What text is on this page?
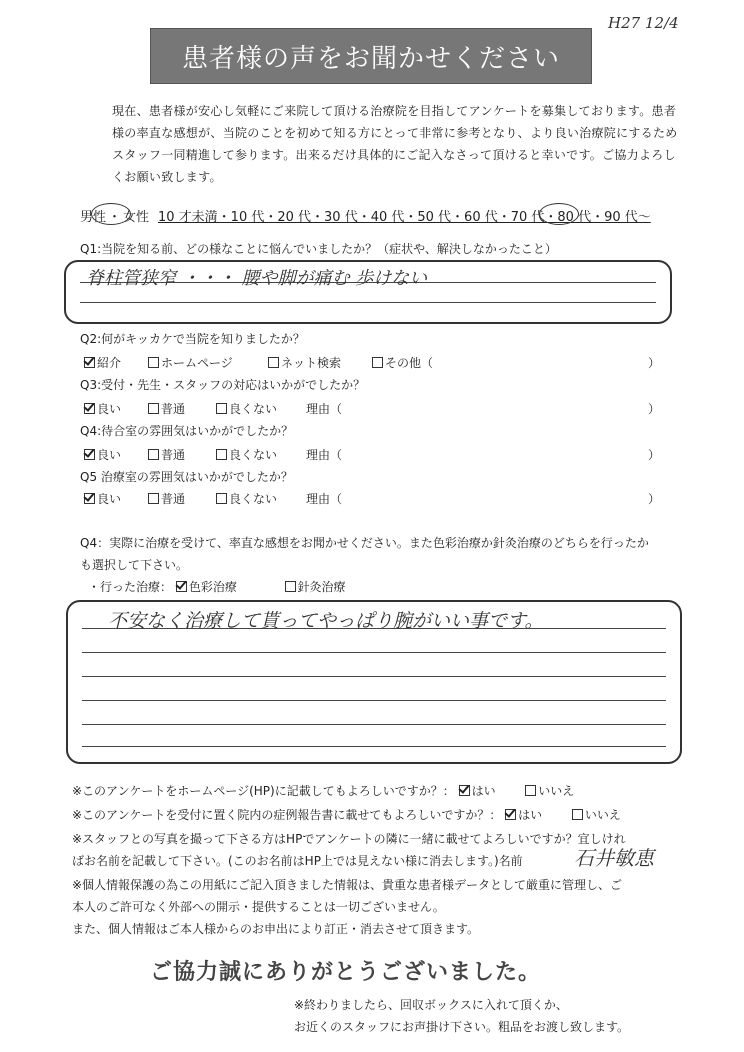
患者様の声をお聞かせください
H27 12/4
現在、患者様が安心し気軽にご来院して頂ける治療院を目指してアンケートを募集しております。患者
様の率直な感想が、当院のことを初めて知る方にとって非常に参考となり、より良い治療院にするため
スタッフ一同精進して参ります。出来るだけ具体的にご記入なさって頂けると幸いです。ご協力よろし
くお願い致します。
男性 ・ 女性 10 才未満・10 代・20 代・30 代・40 代・50 代・60 代・70 代・80 代・90 代〜
Q1:当院を知る前、どの様なことに悩んでいましたか？（症状や、解決しなかったこと）
脊柱管狭窄 ・・・ 腰や脚が痛む 歩けない
Q2:何がキッカケで当院を知りましたか？
紹介	ホームページ	ネット検索	その他（	）
Q3:受付・先生・スタッフの対応はいかがでしたか？
良い	普通	良くない 理由（	）
Q4:待合室の雰囲気はいかがでしたか？
良い	普通	良くない 理由（	）
Q5 治療室の雰囲気はいかがでしたか？
良い	普通	良くない 理由（	）
Q4：実際に治療を受けて、率直な感想をお聞かせください。また色彩治療か針灸治療のどちらを行ったか
も選択して下さい。
・行った治療： 色彩治療	針灸治療
不安なく治療して貰ってやっぱり腕がいい事です。
※このアンケートをホームページ(HP)に記載してもよろしいですか？： はい	いいえ
※このアンケートを受付に置く院内の症例報告書に載せてもよろしいですか？： はい	いいえ
※スタッフとの写真を撮って下さる方はHPでアンケートの隣に一緒に載せてよろしいですか？宜しけれ
ばお名前を記載して下さい。(このお名前はHP上では見えない様に消去します。)名前	石井敏恵
※個人情報保護の為この用紙にご記入頂きました情報は、貴重な患者様データとして厳重に管理し、ご
本人のご許可なく外部への開示・提供することは一切ございません。
また、個人情報はご本人様からのお申出により訂正・消去させて頂きます。
ご協力誠にありがとうございました。
※終わりましたら、回収ボックスに入れて頂くか、
お近くのスタッフにお声掛け下さい。粗品をお渡し致します。
